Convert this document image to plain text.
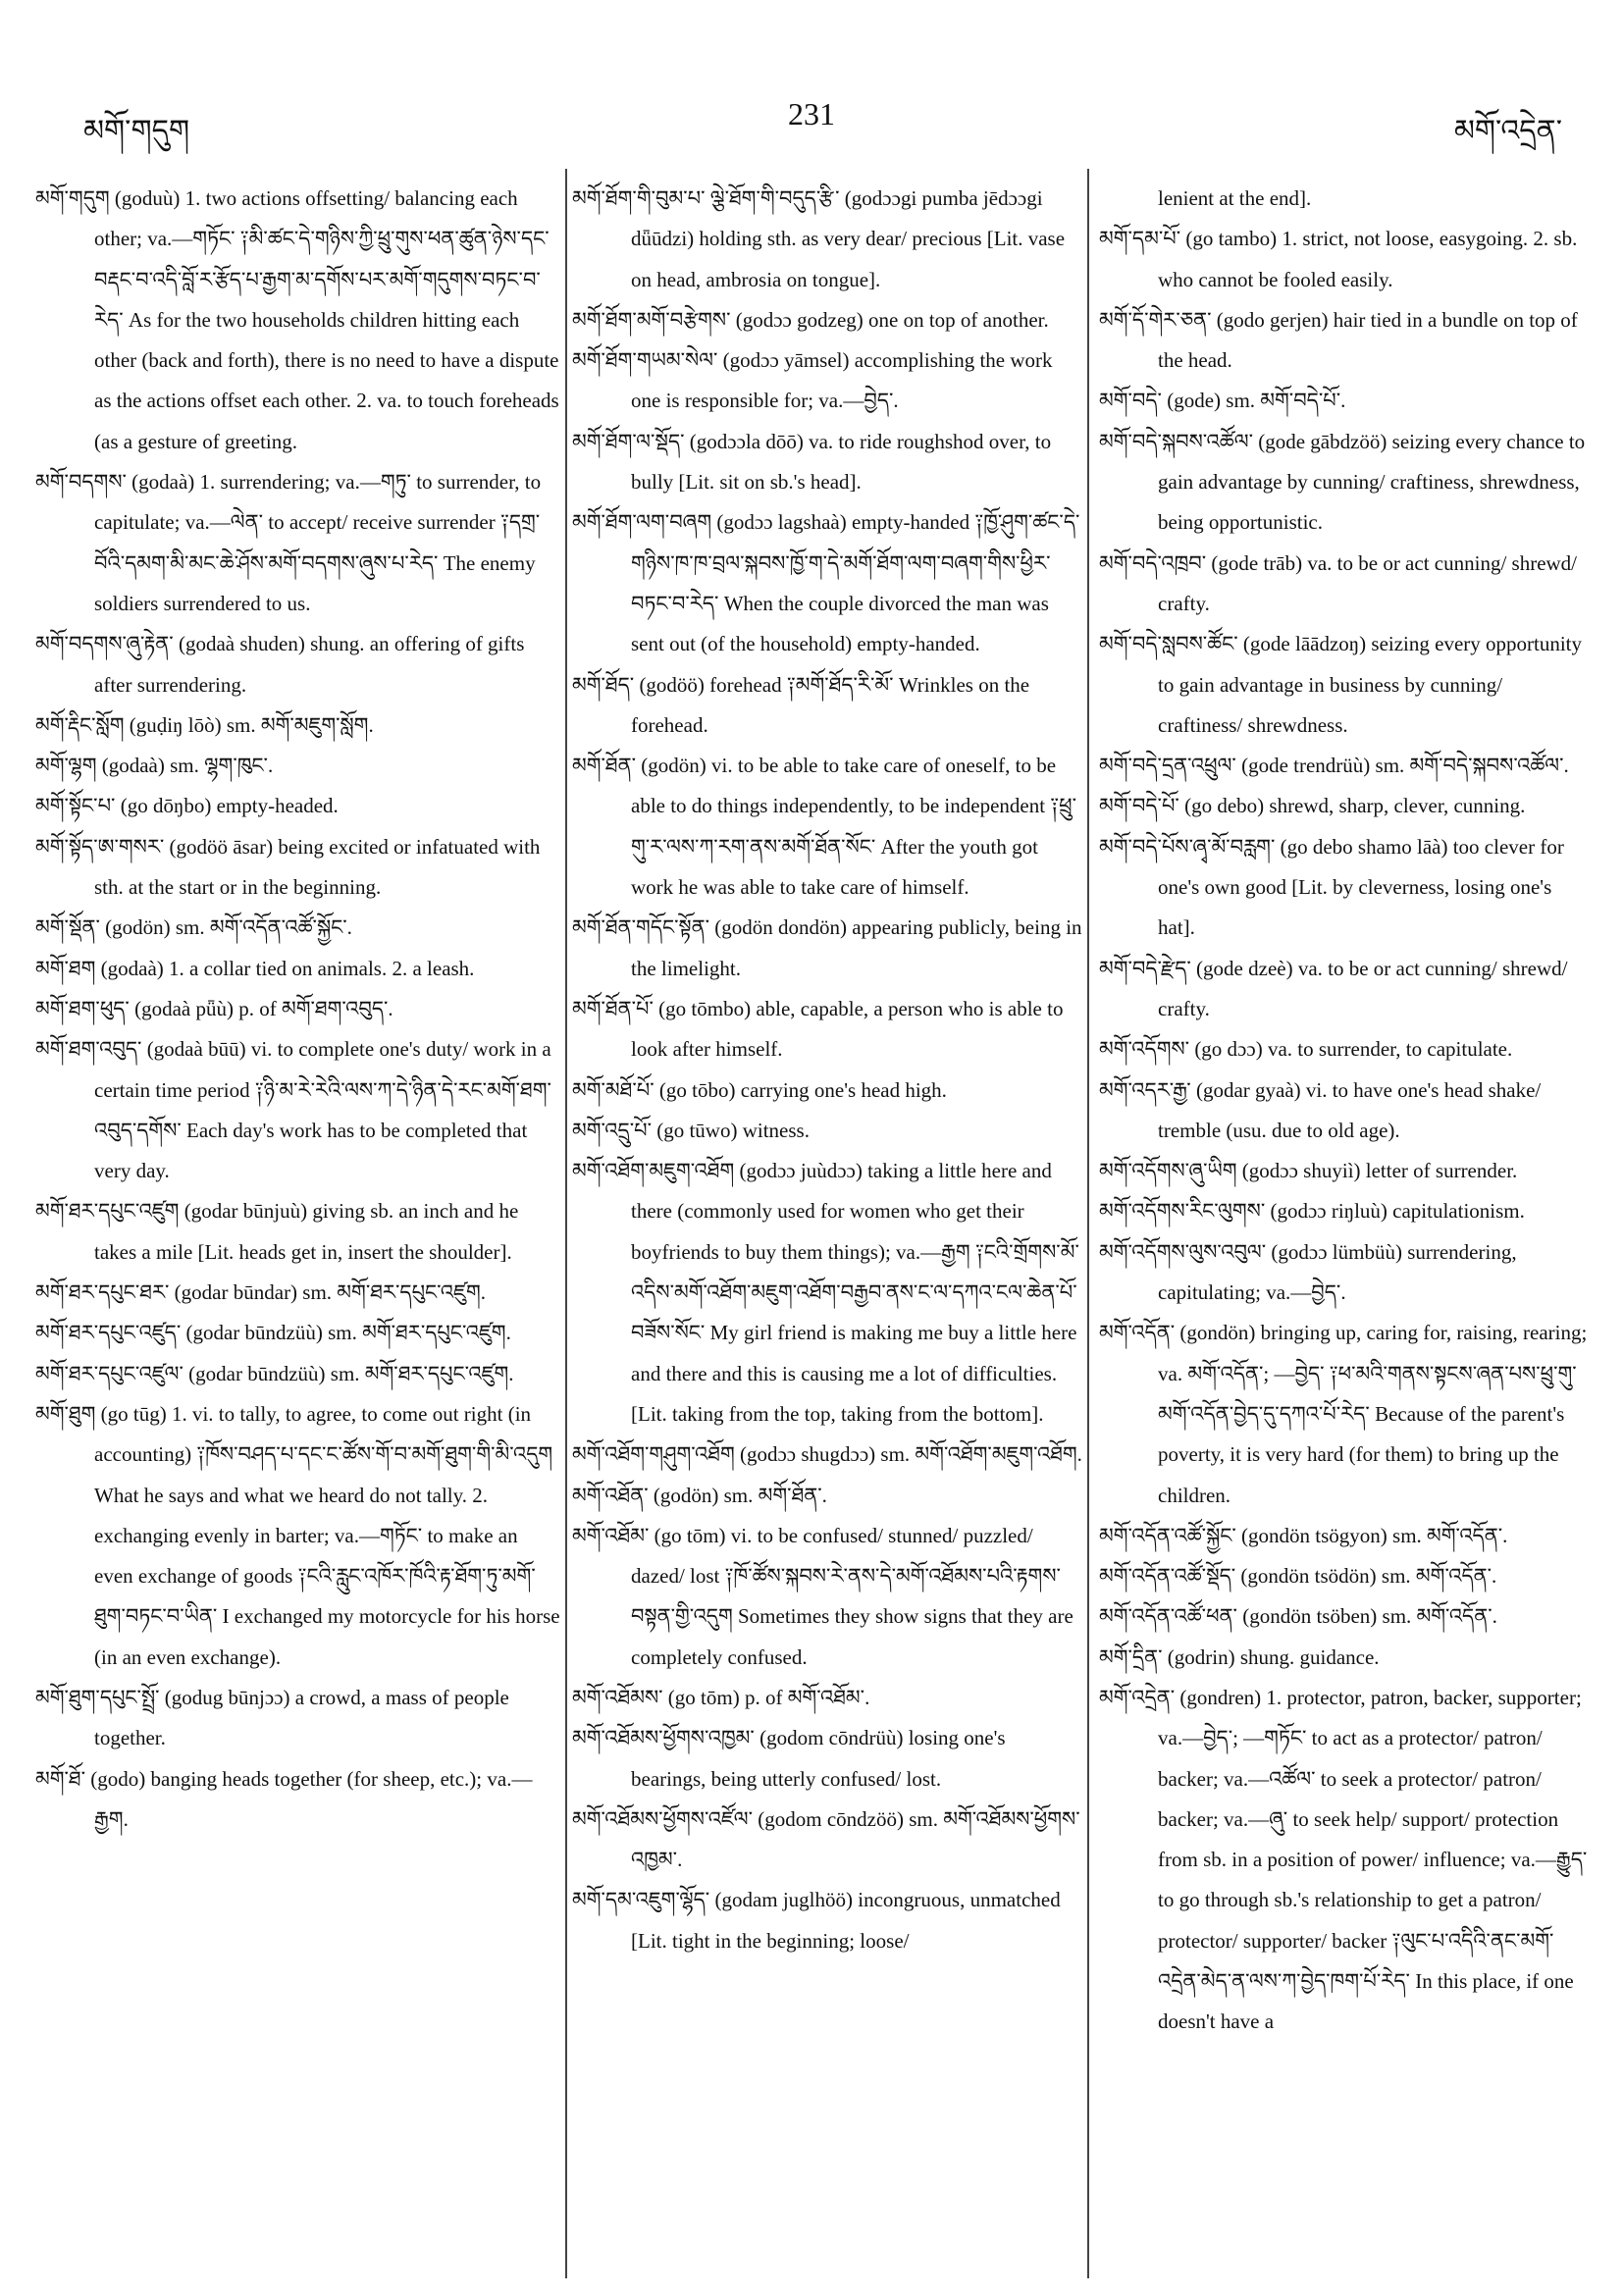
མགོ་གདུག	231	མགོ་འདྲེན་
མགོ་གདུག (goduù) 1. two actions offsetting/ balancing each other; va.—གཏོང་ ༑མི་ཚང་དེ་གཉིས་ཀྱི་ཕྲུ་གུས་ཕན་ཚུན་ཉེས་དང་བརྡང་བ་འདི་བློ་ར་རྩོད་པ་རྒྱག་མ་དགོས་པར་མགོ་གདུགས་བཏང་བ་རེད་ As for the two households children hitting each other (back and forth), there is no need to have a dispute as the actions offset each other. 2. va. to touch foreheads (as a gesture of greeting.
མགོ་བདགས་ (godaà) 1. surrendering; va.—གཏུ་ to surrender, to capitulate; va.—ལེན་ to accept/ receive surrender ༑དགྲ་བོའི་དམག་མི་མང་ཆེ་ཤོས་མགོ་བདགས་ཞུས་པ་རེད་ The enemy soldiers surrendered to us.
མགོ་བདགས་ཞུ་རྟེན་ (godaà shuden) shung. an offering of gifts after surrendering.
མགོ་རྡིང་སློག (guḍiŋ lōò) sm. མགོ་མཇུག་སློག.
མགོ་ལྷག (godaà) sm. ལྷག་ཁུང་.
མགོ་སྟོང་པ་ (go dōŋbo) empty-headed.
མགོ་སྟོད་ཨ་གསར་ (godöö āsar) being excited or infatuated with sth. at the start or in the beginning.
མགོ་སྡོན་ (godön) sm. མགོ་འདོན་འཚོ་སྐྱོང་.
མགོ་ཐག (godaà) 1. a collar tied on animals. 2. a leash.
མགོ་ཐག་ཕུད་ (godaà pǖù) p. of མགོ་ཐག་འབུད་.
མགོ་ཐག་འབུད་ (godaà būū) vi. to complete one's duty/ work in a certain time period ༑ཉི་མ་རེ་རེའི་ལས་ཀ་དེ་ཉིན་དེ་རང་མགོ་ཐག་འབུད་དགོས་ Each day's work has to be completed that very day.
མགོ་ཐར་དཔུང་འཛུག (godar būnjuù) giving sb. an inch and he takes a mile [Lit. heads get in, insert the shoulder].
མགོ་ཐར་དཔུང་ཐར་ (godar būndar) sm. མགོ་ཐར་དཔུང་འཛུག.
མགོ་ཐར་དཔུང་འཛུད་ (godar būndzüù) sm. མགོ་ཐར་དཔུང་འཛུག.
མགོ་ཐར་དཔུང་འཛུལ་ (godar būndzüù) sm. མགོ་ཐར་དཔུང་འཛུག.
མགོ་ཐུག (go tūg) 1. vi. to tally, to agree, to come out right (in accounting) ༑ཁོས་བཤད་པ་དང་ང་ཚོས་གོ་བ་མགོ་ཐུག་གི་མི་འདུག What he says and what we heard do not tally. 2. exchanging evenly in barter; va.—གཏོང་ to make an even exchange of goods ༑ངའི་རླུང་འཁོར་ཁོའི་རྟ་ཐོག་ཏུ་མགོ་ཐུག་བཏང་བ་ཡིན་ I exchanged my motorcycle for his horse (in an even exchange).
མགོ་ཐུག་དཔུང་སྤྲོ་ (godug būnjɔɔ) a crowd, a mass of people together.
མགོ་ཐོ་ (godo) banging heads together (for sheep, etc.); va.—རྒྱག.
མགོ་ཐོག་གི་བུམ་པ་ ལྕེ་ཐོག་གི་བདུད་རྩི་ (godɔɔgi pumba jēdɔɔgi dǖūdzi) holding sth. as very dear/ precious [Lit. vase on head, ambrosia on tongue].
མགོ་ཐོག་མགོ་བརྩེགས་ (godɔɔ godzeg) one on top of another.
མགོ་ཐོག་གཡམ་སེལ་ (godɔɔ yāmsel) accomplishing the work one is responsible for; va.—བྱེད་.
མགོ་ཐོག་ལ་སྡོད་ (godɔɔla dōō) va. to ride roughshod over, to bully [Lit. sit on sb.'s head].
མགོ་ཐོག་ལག་བཞག (godɔɔ lagshaà) empty-handed ༑ཁྱོ་ཤུག་ཚང་དེ་གཉིས་ཁ་ཁ་བྲལ་སྐབས་ཁྱོ་ག་དེ་མགོ་ཐོག་ལག་བཞག་གིས་ཕྱིར་བཏང་བ་རེད་ When the couple divorced the man was sent out (of the household) empty-handed.
མགོ་ཐོད་ (godöö) forehead ༑མགོ་ཐོད་རི་མོ་ Wrinkles on the forehead.
མགོ་ཐོན་ (godön) vi. to be able to take care of oneself, to be able to do things independently, to be independent ༑ཕྲུ་གུ་ར་ལས་ཀ་རག་ནས་མགོ་ཐོན་སོང་ After the youth got work he was able to take care of himself.
མགོ་ཐོན་གདོང་སྟོན་ (godön dondön) appearing publicly, being in the limelight.
མགོ་ཐོན་པོ་ (go tōmbo) able, capable, a person who is able to look after himself.
མགོ་མཐོ་པོ་ (go tōbo) carrying one's head high.
མགོ་འདྲུ་པོ་ (go tūwo) witness.
མགོ་འཐོག་མཇུག་འཐོག (godɔɔ juùdɔɔ) taking a little here and there (commonly used for women who get their boyfriends to buy them things); va.—རྒྱག ༑ངའི་གྲོགས་མོ་འདིས་མགོ་འཐོག་མཇུག་འཐོག་བརྒྱབ་ནས་ང་ལ་དཀའ་ངལ་ཆེན་པོ་བཟོས་སོང་ My girl friend is making me buy a little here and there and this is causing me a lot of difficulties. [Lit. taking from the top, taking from the bottom].
མགོ་འཐོག་གཤུག་འཐོག (godɔɔ shugdɔɔ) sm. མགོ་འཐོག་མཇུག་འཐོག.
མགོ་འཐོན་ (godön) sm. མགོ་ཐོན་.
མགོ་འཐོམ་ (go tōm) vi. to be confused/ stunned/ puzzled/ dazed/ lost ༑ཁོ་ཚོས་སྐབས་རེ་ནས་དེ་མགོ་འཐོམས་པའི་རྟགས་བསྟན་གྱི་འདུག Sometimes they show signs that they are completely confused.
མགོ་འཐོམས་ (go tōm) p. of མགོ་འཐོམ་.
མགོ་འཐོམས་ཕྱོགས་འཁྱམ་ (godom cōndrüù) losing one's bearings, being utterly confused/ lost.
མགོ་འཐོམས་ཕྱོགས་འཛོལ་ (godom cōndzöö) sm. མགོ་འཐོམས་ཕྱོགས་འཁྱམ་.
མགོ་དམ་འཇུག་ལྷོད་ (godam juglhöö) incongruous, unmatched [Lit. tight in the beginning; loose/
lenient at the end].
མགོ་དམ་པོ་ (go tambo) 1. strict, not loose, easygoing. 2. sb. who cannot be fooled easily.
མགོ་དོ་གེར་ཅན་ (godo gerjen) hair tied in a bundle on top of the head.
མགོ་བདེ་ (gode) sm. མགོ་བདེ་པོ་.
མགོ་བདེ་སྐབས་འཚོལ་ (gode gābdzöö) seizing every chance to gain advantage by cunning/ craftiness, shrewdness, being opportunistic.
མགོ་བདེ་འཁྲབ་ (gode trāb) va. to be or act cunning/ shrewd/ crafty.
མགོ་བདེ་སླབས་ཚོང་ (gode lāādzoŋ) seizing every opportunity to gain advantage in business by cunning/ craftiness/ shrewdness.
མགོ་བདེ་དྲན་འཕྲུལ་ (gode trendrüù) sm. མགོ་བདེ་སྐབས་འཚོལ་.
མགོ་བདེ་པོ་ (go debo) shrewd, sharp, clever, cunning.
མགོ་བདེ་པོས་ཞྭ་མོ་བརླག་ (go debo shamo lāà) too clever for one's own good [Lit. by cleverness, losing one's hat].
མགོ་བདེ་རྫེད་ (gode dzeè) va. to be or act cunning/ shrewd/ crafty.
མགོ་འདོགས་ (go dɔɔ) va. to surrender, to capitulate.
མགོ་འདར་རྒྱ་ (godar gyaà) vi. to have one's head shake/ tremble (usu. due to old age).
མགོ་འདོགས་ཞུ་ཡིག (godɔɔ shuyiì) letter of surrender.
མགོ་འདོགས་རིང་ལུགས་ (godɔɔ riŋluù) capitulationism.
མགོ་འདོགས་ལུས་འབུལ་ (godɔɔ lümbüù) surrendering, capitulating; va.—བྱེད་.
མགོ་འདོན་ (gondön) bringing up, caring for, raising, rearing; va. མགོ་འདོན་; —བྱེད་ ༑ཕ་མའི་གནས་སྟངས་ཞན་པས་ཕྲུ་གུ་མགོ་འདོན་བྱེད་དུ་དཀའ་པོ་རེད་ Because of the parent's poverty, it is very hard (for them) to bring up the children.
མགོ་འདོན་འཚོ་སྐྱོང་ (gondön tsögyon) sm. མགོ་འདོན་.
མགོ་འདོན་འཚོ་སྡོད་ (gondön tsödön) sm. མགོ་འདོན་.
མགོ་འདོན་འཚོ་ཕན་ (gondön tsöben) sm. མགོ་འདོན་.
མགོ་དྲིན་ (godrin) shung. guidance.
མགོ་འདྲེན་ (gondren) 1. protector, patron, backer, supporter; va.—བྱེད་; —གཏོང་ to act as a protector/ patron/ backer; va.—འཚོལ་ to seek a protector/ patron/ backer; va.—ཞུ་ to seek help/ support/ protection from sb. in a position of power/ influence; va.—རྒྱུད་ to go through sb.'s relationship to get a patron/ protector/ supporter/ backer ༑ལུང་པ་འདིའི་ནང་མགོ་འདྲེན་མེད་ན་ལས་ཀ་བྱེད་ཁག་པོ་རེད་ In this place, if one doesn't have a
